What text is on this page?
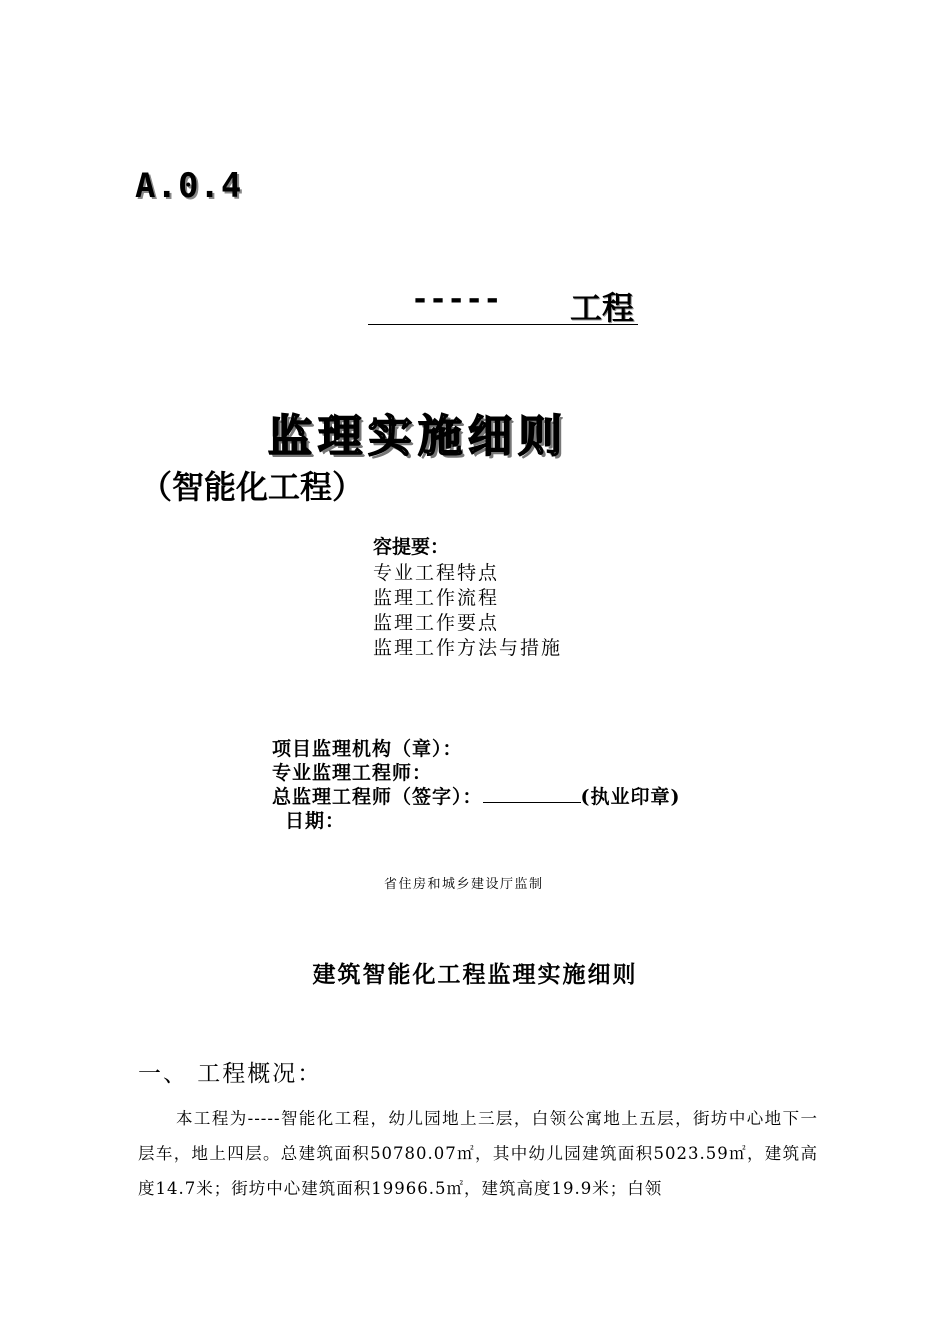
A.0.4
----- 工程
监理实施细则
（智能化工程）
容提要：
专业工程特点
监理工作流程
监理工作要点
监理工作方法与措施
项目监理机构（章）：
专业监理工程师：
总监理工程师（签字）：	(执业印章)
日期：
省住房和城乡建设厅监制
建筑智能化工程监理实施细则
一、 工程概况：
本工程为-----智能化工程，幼儿园地上三层，白领公寓地上五层，街坊中心地下一层车，地上四层。总建筑面积50780.07㎡，其中幼儿园建筑面积5023.59㎡，建筑高度14.7米；街坊中心建筑面积19966.5㎡，建筑高度19.9米；白领
